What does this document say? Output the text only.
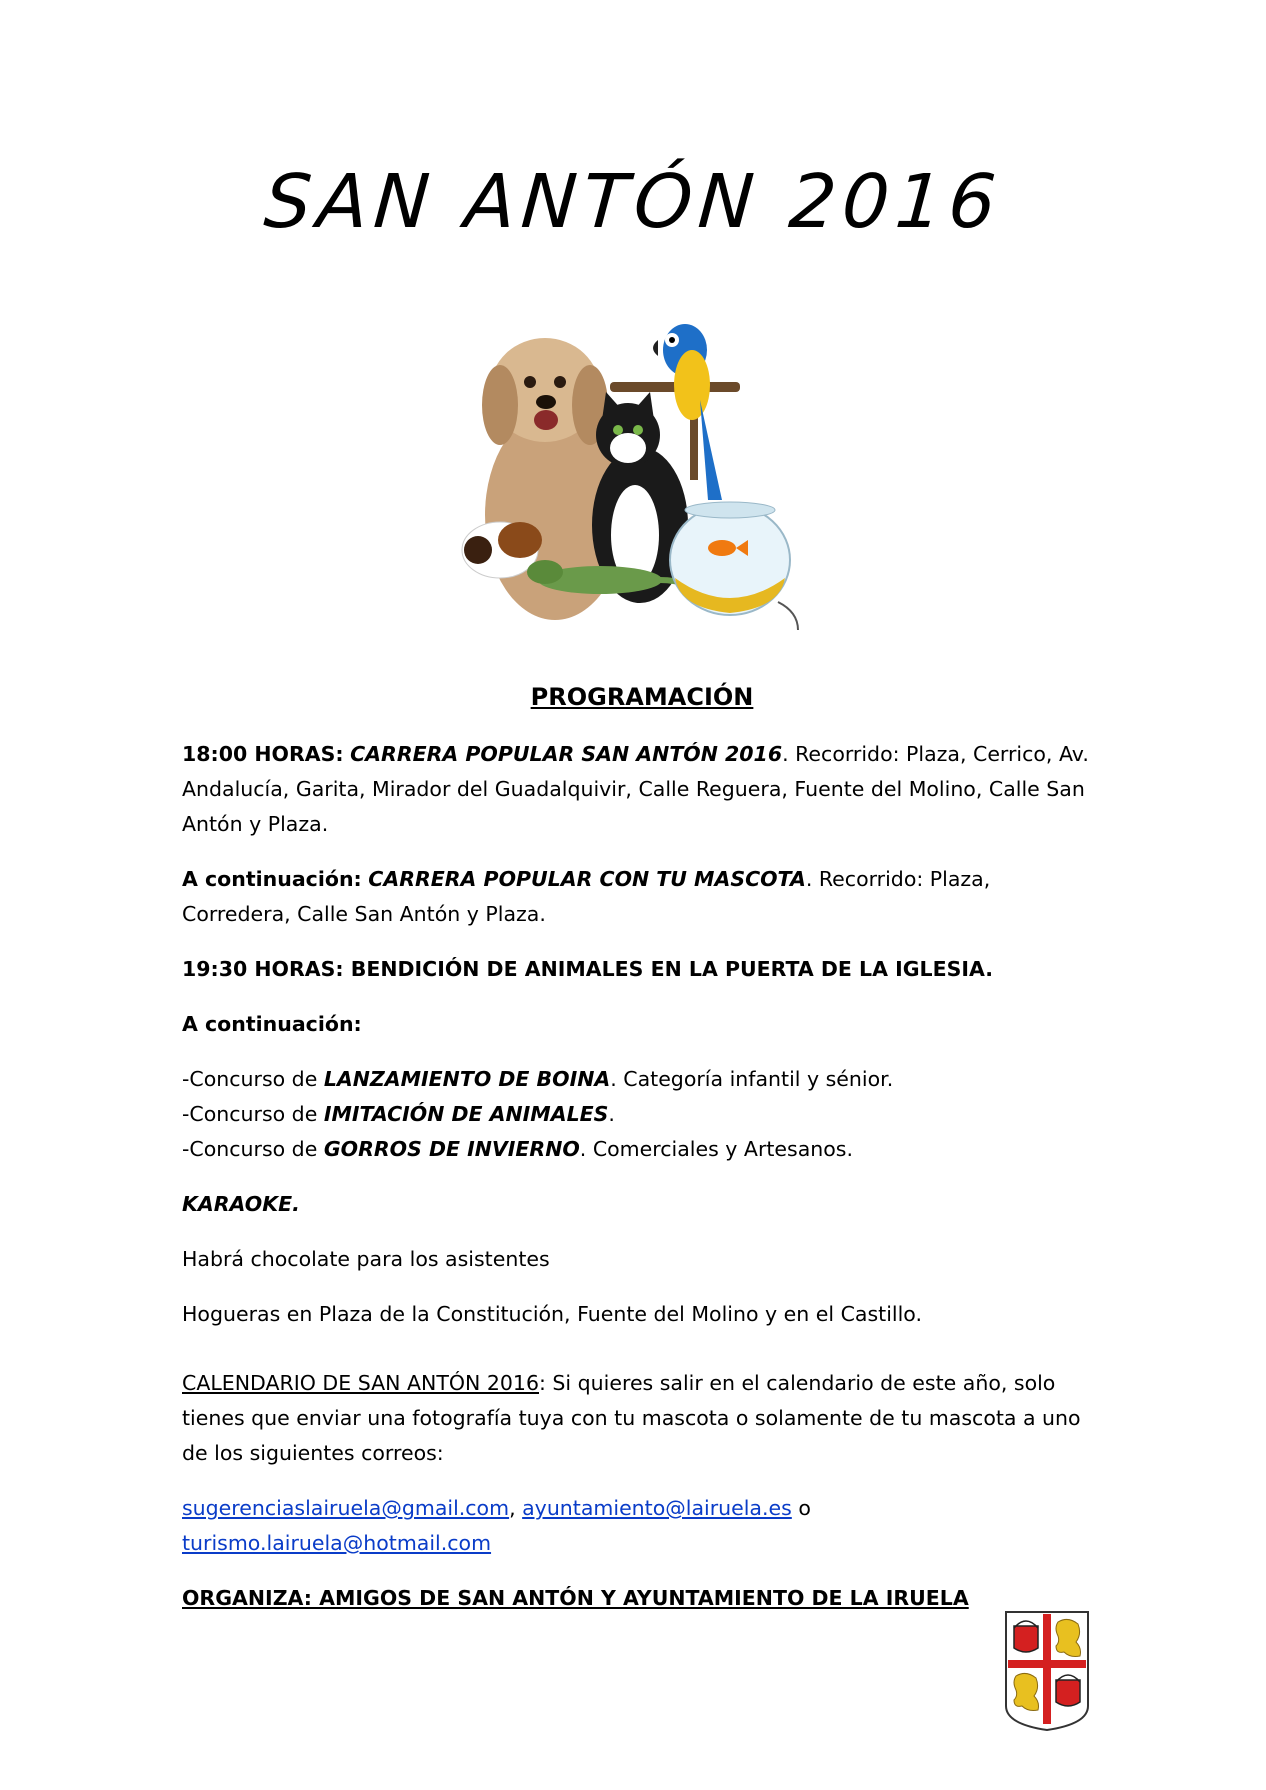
SAN ANTÓN 2016
PROGRAMACIÓN

18:00 HORAS: CARRERA POPULAR SAN ANTÓN 2016. Recorrido: Plaza, Cerrico, Av. Andalucía, Garita, Mirador del Guadalquivir, Calle Reguera, Fuente del Molino, Calle San Antón y Plaza.

A continuación: CARRERA POPULAR CON TU MASCOTA. Recorrido: Plaza, Corredera, Calle San Antón y Plaza.

19:30 HORAS: BENDICIÓN DE ANIMALES EN LA PUERTA DE LA IGLESIA.

A continuación:

-Concurso de LANZAMIENTO DE BOINA. Categoría infantil y sénior.

-Concurso de IMITACIÓN DE ANIMALES.

-Concurso de GORROS DE INVIERNO. Comerciales y Artesanos.

KARAOKE.

Habrá chocolate para los asistentes

Hogueras en Plaza de la Constitución, Fuente del Molino y en el Castillo.

CALENDARIO DE SAN ANTÓN 2016: Si quieres salir en el calendario de este año, solo tienes que enviar una fotografía tuya con tu mascota o solamente de tu mascota a uno de los siguientes correos:

sugerenciaslairuela@gmail.com, ayuntamiento@lairuela.es o
turismo.lairuela@hotmail.com

ORGANIZA: AMIGOS DE SAN ANTÓN Y AYUNTAMIENTO DE LA IRUELA
